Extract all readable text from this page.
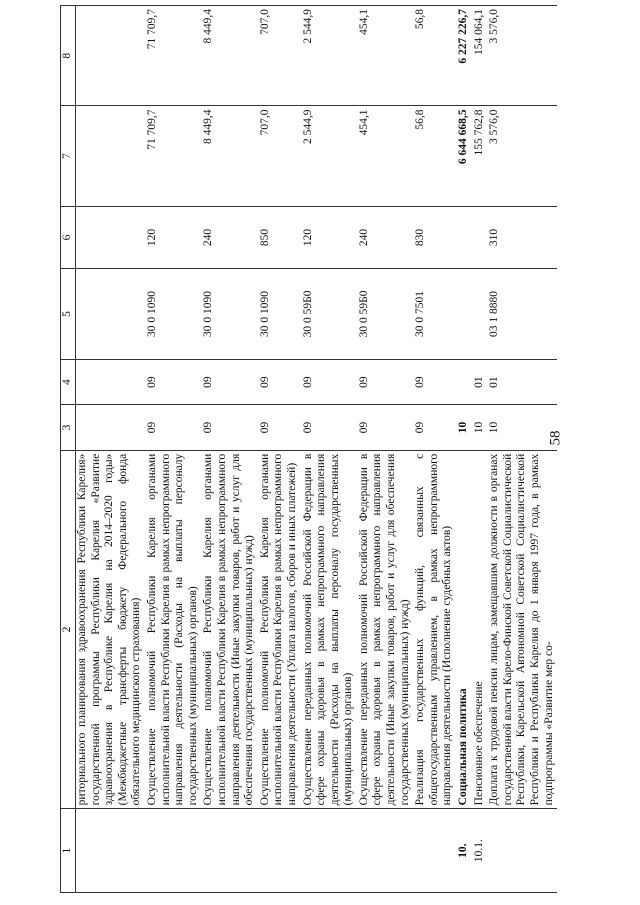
58
1	2	3	4	5	6	7	8
	риториального планирования здравоохранения Республики Карелия» государственной программы Республики Карелия «Развитие здравоохранения в Республике Карелия на 2014–2020 годы» (Межбюджетные трансферты бюджету Федерального фонда обязательного медицинского страхования)						
	Осуществление полномочий Республики Карелия органами исполнительной власти Республики Карелия в рамках непрограммного направления деятельности (Расходы на выплаты персоналу государственных (муниципальных) органов)	09	09	30 0 1090	120	71 709,7	71 709,7
	Осуществление полномочий Республики Карелия органами исполнительной власти Республики Карелия в рамках непрограммного направления деятельности (Иные закупки товаров, работ и услуг для обеспечения государственных (муниципальных) нужд)	09	09	30 0 1090	240	8 449,4	8 449,4
	Осуществление полномочий Республики Карелия органами исполнительной власти Республики Карелия в рамках непрограммного направления деятельности (Уплата налогов, сборов и иных платежей)	09	09	30 0 1090	850	707,0	707,0
	Осуществление переданных полномочий Российской Федерации в сфере охраны здоровья в рамках непрограммного направления деятельности (Расходы на выплаты персоналу государственных (муниципальных) органов)	09	09	30 0 59Б0	120	2 544,9	2 544,9
	Осуществление переданных полномочий Российской Федерации в сфере охраны здоровья в рамках непрограммного направления деятельности (Иные закупки товаров, работ и услуг для обеспечения государственных (муниципальных) нужд)	09	09	30 0 59Б0	240	454,1	454,1
	Реализация государственных функций, связанных с общегосударственным управлением, в рамках непрограммного направления деятельности (Исполнение судебных актов)	09	09	30 0 7501	830	56,8	56,8
10.	Социальная политика	10				6 644 668,5	6 227 226,7
10.1.	Пенсионное обеспечение	10	01			155 762,8	154 064,1
	Доплата к трудовой пенсии лицам, замещавшим должности в органах государственной власти Карело-Финской Советской Социалистической Республики, Карельской Автономной Советской Социалистической Республики и Республики Карелия до 1 января 1997 года, в рамках подпрограммы «Развитие мер со-	10	01	03 1 8880	310	3 576,0	3 576,0
